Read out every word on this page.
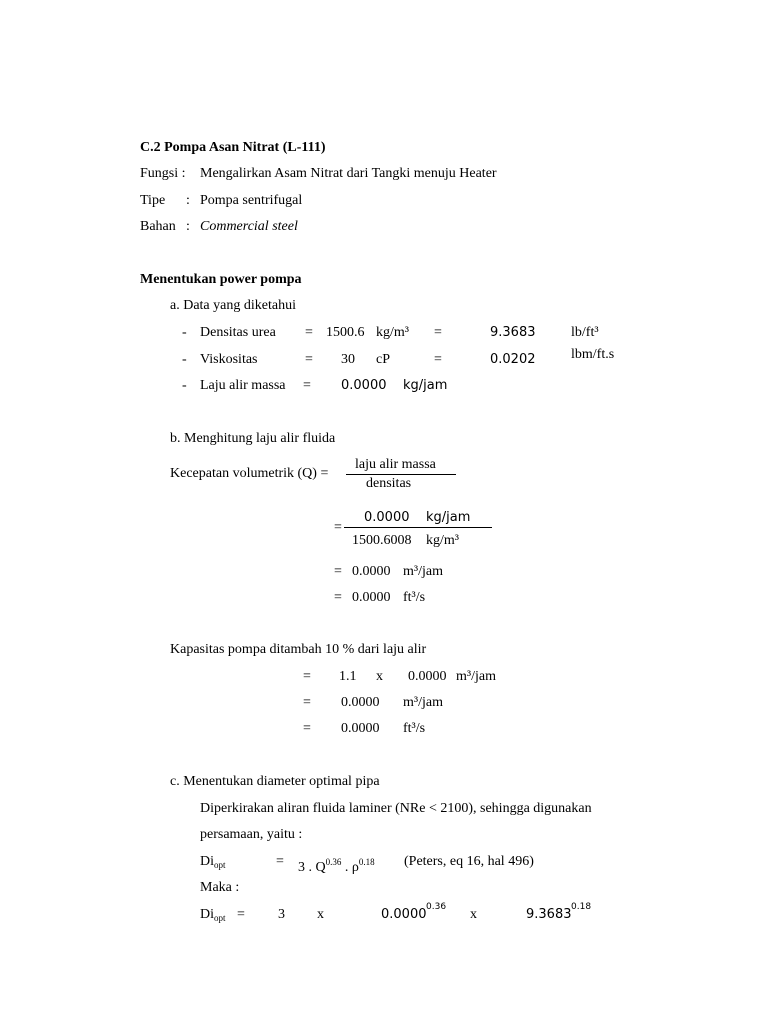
C.2 Pompa Asan Nitrat (L-111)
Fungsi : Mengalirkan Asam Nitrat dari Tangki menuju Heater
Tipe : Pompa sentrifugal
Bahan : Commercial steel
Menentukan power pompa
a. Data yang diketahui
- Densitas urea = 1500.6 kg/m³ =	9.3683	lb/ft³
- Viskositas	= 30 cP	=	0.0202	lbm/ft.s
- Laju alir massa = 0.0000 kg/jam
b. Menghitung laju alir fluida
Kecepatan volumetrik (Q) =
laju alir massa
densitas
=
0.0000 kg/jam
1500.6008 kg/m³
= 0.0000 m³/jam
= 0.0000 ft³/s
Kapasitas pompa ditambah 10 % dari laju alir
= 1.1 x 0.0000 m³/jam
= 0.0000 m³/jam
= 0.0000 ft³/s
c. Menentukan diameter optimal pipa
Diperkirakan aliran fluida laminer (NRe < 2100), sehingga digunakan
persamaan, yaitu :
$Di_{opt}$	= 3 . $Q^{0.36}$ . $\rho^{0.18}$ (Peters, eq 16, hal 496)
Maka :
$Di_{opt} = 3$ x	0.0000 0.36 x	9.3683 0.18
